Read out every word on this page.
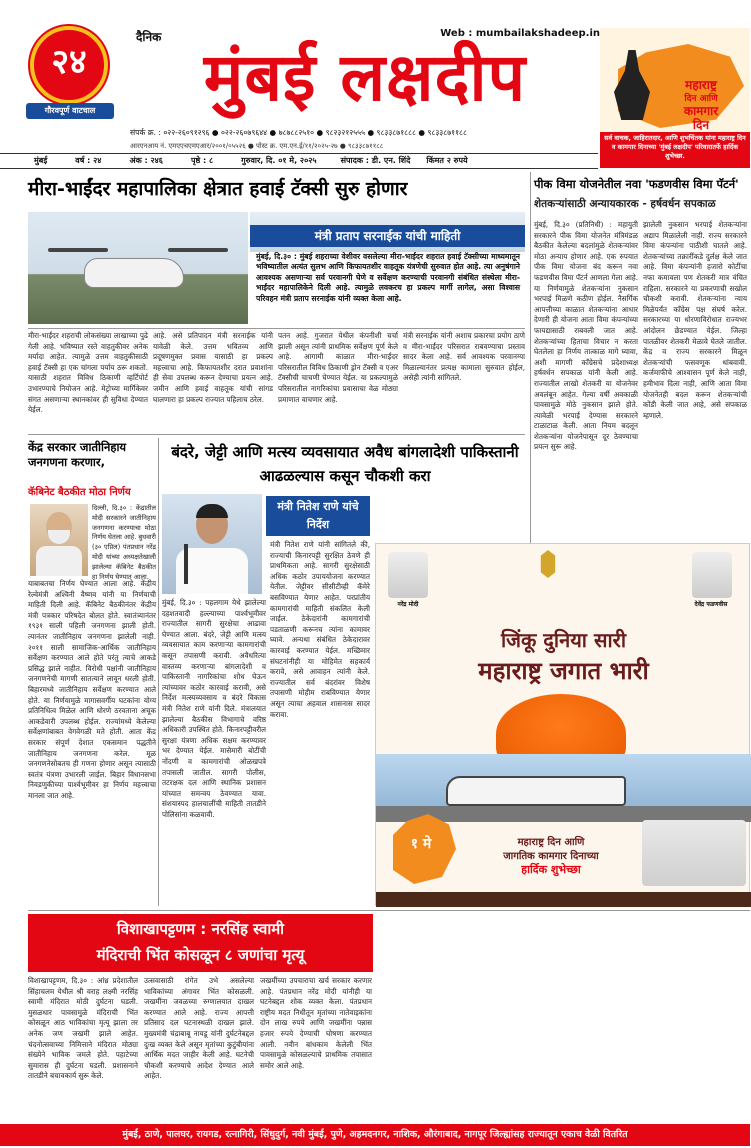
२४
गौरवपूर्ण वाटचाल
दैनिक
मुंबई लक्षदीप
Web : mumbailakshadeep.in
संपर्क क्र. : ०२२-२६०९१२९६ ● ०२२-२६०७९६४४ ● ७८७८८२५१० ● ९८२३२१२५५५ ● ९८३३८७१८८८ ● ९८३३८७११८८
आरएनआय नं. एमएएचएमएआर/२००१/०५५२६ ● पोस्ट क्र. एम.एन.ई/११/२०२५-२७ ● ९८३३८७११८८
मुंबई	वर्ष : २४	अंक : २४६	पृष्ठे : ८	गुरुवार, दि. ०१ मे, २०२५	संपादक : डी. एन. शिंदे	किंमत २ रुपये
महाराष्ट्र
दिन आणि
कामगार
दिन
सर्व वाचक, जाहिरातदार, आणि शुभचिंतक यांना महाराष्ट्र दिन व कामगार दिनाच्या 'मुंबई लक्षदीप' परिवारातर्फे हार्दिक शुभेच्छा.
मीरा-भाईंदर महापालिका क्षेत्रात हवाई टॅक्सी सुरु होणार
मंत्री प्रताप सरनाईक यांची माहिती
मुंबई, दि.३० : मुंबई शहराच्या वेशीवर वसलेल्या मीरा-भाईंदर शहरात हवाई टॅक्सीच्या माध्यमातून भविष्यातील अत्यंत सुलभ आणि किफायतशीर वाहतूक यंत्रणेची सुरुवात होत आहे. त्या अनुषंगाने आवश्यक असणाऱ्या सर्व परवानगी घेणे व सर्वेक्षण करण्याची परवानगी संबंधित संस्थेला मीरा-भाईंदर महापालिकेने दिली आहे. त्यामुळे लवकरच हा प्रकल्प मार्गी लागेल, असा विश्वास परिवहन मंत्री प्रताप सरनाईक यांनी व्यक्त केला आहे.
मीरा-भाईंदर शहराची लोकसंख्या लाखाच्या पुढे गेली आहे. भविष्यात रस्ते वाहतुकीवर अनेक मर्यादा आहेत. त्यामुळे उत्तम वाहतुकीसाठी हवाई टॅक्सी हा एक चांगला पर्याय ठरू शकतो. यासाठी शहरात विविध ठिकाणी व्हर्टिपोर्ट उभारण्याचे नियोजन आहे. मेट्रोच्या मार्गिकेवर संगत असणाऱ्या स्थानकांवर ही सुविधा देण्यात येईल.
आहे. असे प्रतिपादन मंत्री सरनाईक यांनी यावेळी केले. उत्तम भवितव्य आणि प्रदूषणमुक्त प्रवास यासाठी हा प्रकल्प महत्त्वाचा आहे. किफायतशीर दरात प्रवाशांना ही सेवा उपलब्ध करून देण्याचा प्रयत्न आहे. जमीन आणि हवाई वाहतूक यांची सांगड घालणारा हा प्रकल्प राज्यात पहिलाच ठरेल.
पतन आहे. गुजरात येथील कंपनीशी चर्चा झाली असून त्यांनी प्राथमिक सर्वेक्षण पूर्ण केले आहे. आगामी काळात मीरा-भाईंदर परिसरातील विविध ठिकाणी ड्रोन टॅक्सी व एअर टॅक्सीची चाचणी घेण्यात येईल. या प्रकल्पामुळे परिसरातील नागरिकांचा प्रवासाचा वेळ मोठ्या प्रमाणात वाचणार आहे.
मंत्री सरनाईक यांनी अशाच प्रकारचा प्रयोग ठाणे व मीरा-भाईंदर परिसरात राबवण्याचा प्रस्ताव सादर केला आहे. सर्व आवश्यक परवानग्या मिळाल्यानंतर प्रत्यक्ष कामाला सुरुवात होईल, असेही त्यांनी सांगितले.
पीक विमा योजनेतील नवा 'फडणवीस विमा पॅटर्न'
शेतकऱ्यांसाठी अन्यायकारक - हर्षवर्धन सपकाळ
मुंबई, दि.३० (प्रतिनिधी) : महायुती सरकारने पीक विमा योजनेत मंत्रिमंडळ बैठकीत केलेल्या बदलांमुळे शेतकऱ्यांवर मोठा अन्याय होणार आहे. एक रुपयात पीक विमा योजना बंद करून नवा फडणवीस विमा पॅटर्न आणला गेला आहे. या निर्णयामुळे शेतकऱ्यांना नुकसान भरपाई मिळणे कठीण होईल. नैसर्गिक आपत्तीच्या काळात शेतकऱ्यांना आधार देणारी ही योजना आता विमा कंपन्यांच्या फायद्यासाठी राबवली जात आहे. शेतकऱ्यांच्या हिताचा विचार न करता घेतलेला हा निर्णय तात्काळ मागे घ्यावा, अशी मागणी काँग्रेसचे प्रदेशाध्यक्ष हर्षवर्धन सपकाळ यांनी केली आहे. राज्यातील लाखो शेतकरी या योजनेवर अवलंबून आहेत. गेल्या वर्षी अवकाळी पावसामुळे मोठे नुकसान झाले होते. त्यावेळी भरपाई देण्यास सरकारने टाळाटाळ केली. आता नियम बदलून शेतकऱ्यांना योजनेपासून दूर ठेवण्याचा प्रयत्न सुरू आहे.
झालेली नुकसान भरपाई शेतकऱ्यांना अद्याप मिळालेली नाही. राज्य सरकारने विमा कंपन्यांना पाठीशी घातले आहे. शेतकऱ्यांच्या तक्रारींकडे दुर्लक्ष केले जात आहे. विमा कंपन्यांनी हजारो कोटींचा नफा कमावला पण शेतकरी मात्र वंचित राहिला. सरकारने या प्रकरणाची सखोल चौकशी करावी. शेतकऱ्यांना न्याय मिळेपर्यंत काँग्रेस पक्ष संघर्ष करेल. सरकारच्या या धोरणाविरोधात राज्यभर आंदोलन छेडण्यात येईल. जिल्हा पातळीवर शेतकरी मेळावे घेतले जातील. केंद्र व राज्य सरकारने मिळून शेतकऱ्यांची फसवणूक थांबवावी. कर्जमाफीचे आश्वासन पूर्ण केले नाही, हमीभाव दिला नाही, आणि आता विमा योजनेतही बदल करून शेतकऱ्यांची कोंडी केली जात आहे, असे सपकाळ म्हणाले.
केंद्र सरकार जातीनिहाय जनगणना करणार,
कॅबिनेट बैठकीत मोठा निर्णय
दिल्ली, दि.३० : केंद्रातील मोदी सरकारने जातीनिहाय जनगणना करण्याचा मोठा निर्णय घेतला आहे. बुधवारी (३० एप्रिल) पंतप्रधान नरेंद्र मोदी यांच्या अध्यक्षतेखाली झालेल्या कॅबिनेट बैठकीत हा निर्णय घेण्यात आला.
याबाबतचा निर्णय घेण्यात आला आहे. केंद्रीय रेल्वेमंत्री अश्विनी वैष्णव यांनी या निर्णयाची माहिती दिली आहे. कॅबिनेट बैठकीनंतर केंद्रीय मंत्री पत्रकार परिषदेत बोलत होते. स्वातंत्र्यानंतर १९३१ साली पहिली जनगणना झाली होती. त्यानंतर जातीनिहाय जनगणना झालेली नाही. २०११ साली सामाजिक-आर्थिक जातीनिहाय सर्वेक्षण करण्यात आले होते परंतु त्याचे आकडे प्रसिद्ध झाले नाहीत. विरोधी पक्षांनी जातीनिहाय जनगणनेची मागणी सातत्याने लावून धरली होती. बिहारमध्ये जातीनिहाय सर्वेक्षण करण्यात आले होते. या निर्णयामुळे मागासवर्गीय घटकांना योग्य प्रतिनिधित्व मिळेल आणि धोरणे ठरवताना अचूक आकडेवारी उपलब्ध होईल. राज्यांमध्ये केलेल्या सर्वेक्षणांबाबत वेगवेगळी मते होती. आता केंद्र सरकार संपूर्ण देशात एकसमान पद्धतीने जातीनिहाय जनगणना करेल. मूळ जनगणनेसोबतच ही गणना होणार असून त्यासाठी स्वतंत्र यंत्रणा उभारली जाईल. बिहार विधानसभा निवडणुकीच्या पार्श्वभूमीवर हा निर्णय महत्त्वाचा मानला जात आहे.
बंदरे, जेट्टी आणि मत्स्य व्यवसायात अवैध बांगलादेशी पाकिस्तानी आढळल्यास कसून चौकशी करा
मंत्री नितेश राणे यांचे निर्देश
मुंबई, दि.३० : पहलगाम येथे झालेल्या दहशतवादी हल्ल्याच्या पार्श्वभूमीवर राज्यातील सागरी सुरक्षेचा आढावा घेण्यात आला. बंदरे, जेट्टी आणि मत्स्य व्यवसायात काम करणाऱ्या कामगारांची कसून तपासणी करावी. अवैधरित्या वास्तव्य करणाऱ्या बांगलादेशी व पाकिस्तानी नागरिकांचा शोध घेऊन त्यांच्यावर कठोर कारवाई करावी, असे निर्देश मत्स्यव्यवसाय व बंदरे विकास मंत्री नितेश राणे यांनी दिले. मंत्रालयात झालेल्या बैठकीस विभागाचे वरिष्ठ अधिकारी उपस्थित होते. किनारपट्टीवरील सुरक्षा यंत्रणा अधिक सक्षम करण्यावर भर देण्यात येईल. मासेमारी बोटींची नोंदणी व कामगारांची ओळखपत्रे तपासली जातील. सागरी पोलीस, तटरक्षक दल आणि स्थानिक प्रशासन यांच्यात समन्वय ठेवण्यात यावा. संशयास्पद हालचालींची माहिती तातडीने पोलिसांना कळवावी.
मंत्री नितेश राणे यांनी सांगितले की, राज्याची किनारपट्टी सुरक्षित ठेवणे ही प्राथमिकता आहे. सागरी सुरक्षेसाठी अधिक कठोर उपाययोजना करण्यात येतील. जेट्टीवर सीसीटीव्ही कॅमेरे बसविण्यात येणार आहेत. परप्रांतीय कामगारांची माहिती संकलित केली जाईल. ठेकेदारांनी कामगारांची पडताळणी करूनच त्यांना कामावर घ्यावे. अन्यथा संबंधित ठेकेदारावर कारवाई करण्यात येईल. मच्छिमार संघटनांनीही या मोहिमेत सहकार्य करावे, असे आवाहन त्यांनी केले. राज्यातील सर्व बंदरांवर विशेष तपासणी मोहीम राबविण्यात येणार असून त्याचा अहवाल शासनास सादर करावा.
नरेंद्र मोदी	देवेंद्र फडणवीस
जिंकू दुनिया सारी
महाराष्ट्र जगात भारी
१ मे	महाराष्ट्र दिन आणि
जागतिक कामगार दिनाच्या
हार्दिक शुभेच्छा
विशाखापट्टणम : नरसिंह स्वामी
मंदिराची भिंत कोसळून ८ जणांचा मृत्यू
विशाखापट्टणम, दि.३० : आंध्र प्रदेशातील सिंहाचलम येथील श्री वराह लक्ष्मी नरसिंह स्वामी मंदिरात मोठी दुर्घटना घडली. मुसळधार पावसामुळे मंदिराची भिंत कोसळून आठ भाविकांचा मृत्यू झाला तर अनेक जण जखमी झाले आहेत. चंदनोत्सवाच्या निमित्ताने मंदिरात मोठ्या संख्येने भाविक जमले होते. पहाटेच्या सुमारास ही दुर्घटना घडली. प्रशासनाने तातडीने बचावकार्य सुरू केले.
उत्सवासाठी रांगेत उभे असलेल्या भाविकांच्या अंगावर भिंत कोसळली. जखमींना जवळच्या रुग्णालयात दाखल करण्यात आले आहे. राज्य आपत्ती प्रतिसाद दल घटनास्थळी दाखल झाले. मुख्यमंत्री चंद्राबाबू नायडू यांनी दुर्घटनेबद्दल दुःख व्यक्त केले असून मृतांच्या कुटुंबीयांना आर्थिक मदत जाहीर केली आहे. घटनेची चौकशी करण्याचे आदेश देण्यात आले आहेत.
जखमींच्या उपचाराचा खर्च सरकार करणार आहे. पंतप्रधान नरेंद्र मोदी यांनीही या घटनेबद्दल शोक व्यक्त केला. पंतप्रधान राष्ट्रीय मदत निधीतून मृतांच्या नातेवाइकांना दोन लाख रुपये आणि जखमींना पन्नास हजार रुपये देण्याची घोषणा करण्यात आली. नवीन बांधकाम केलेली भिंत पावसामुळे कोसळल्याचे प्राथमिक तपासात समोर आले आहे.
मुंबई, ठाणे, पालघर, रायगड, रत्नागिरी, सिंधुदुर्ग, नवी मुंबई, पुणे, अहमदनगर, नाशिक, औरंगाबाद, नागपूर जिल्ह्यांसह राज्यातून एकाच वेळी वितरित
